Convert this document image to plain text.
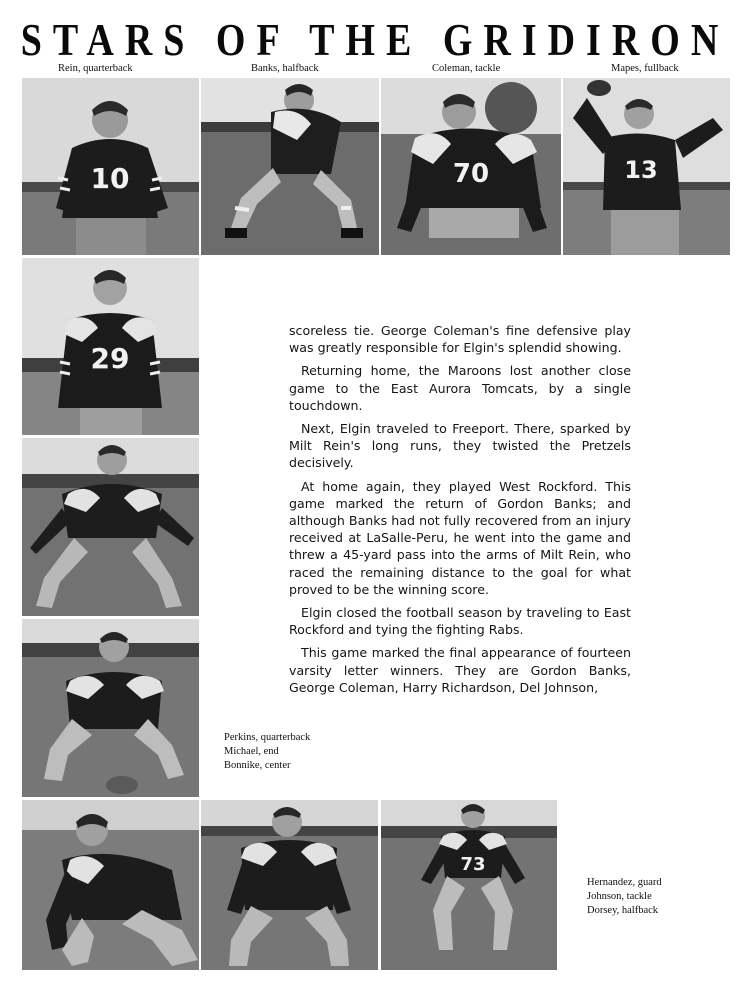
STARS OF THE GRIDIRON
Rein, quarterback	Banks, halfback	Coleman, tackle	Mapes, fullback
10	70	13
29

scoreless tie. George Coleman's fine defensive play was greatly responsible for Elgin's splendid showing.

Returning home, the Maroons lost another close game to the East Aurora Tomcats, by a single touchdown.

Next, Elgin traveled to Freeport. There, sparked by Milt Rein's long runs, they twisted the Pretzels decisively.

At home again, they played West Rockford. This game marked the return of Gordon Banks; and although Banks had not fully recovered from an injury received at LaSalle-Peru, he went into the game and threw a 45-yard pass into the arms of Milt Rein, who raced the remaining distance to the goal for what proved to be the winning score.

Elgin closed the football season by traveling to East Rockford and tying the fighting Rabs.

This game marked the final appearance of fourteen varsity letter winners. They are Gordon Banks, George Coleman, Harry Richardson, Del Johnson,

Perkins, quarterback
Michael, end
Bonnike, center
73
Hernandez, guard
Johnson, tackle
Dorsey, halfback
